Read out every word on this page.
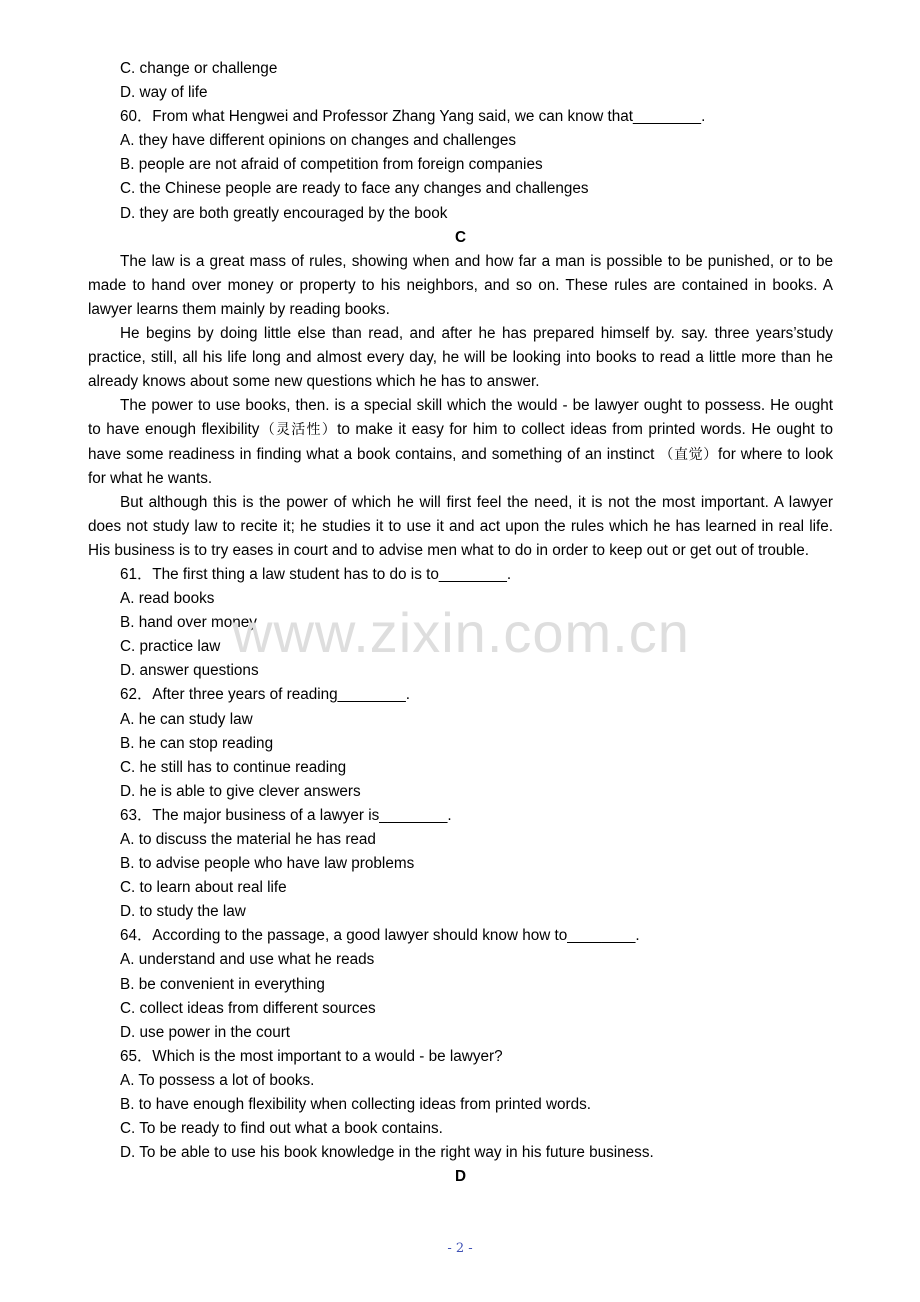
C. change or challenge
D. way of life
60．From what Hengwei and Professor Zhang Yang said, we can know that________.
A. they have different opinions on changes and challenges
B. people are not afraid of competition from foreign companies
C. the Chinese people are ready to face any changes and challenges
D. they are both greatly encouraged by the book
C
The law is a great mass of rules, showing when and how far a man is possible to be punished, or to be made to hand over money or property to his neighbors, and so on. These rules are contained in books. A lawyer learns them mainly by reading books.
He begins by doing little else than read, and after he has prepared himself by. say. three years’study practice, still, all his life long and almost every day, he will be looking into books to read a little more than he already knows about some new questions which he has to answer.
The power to use books, then. is a special skill which the would - be lawyer ought to possess. He ought to have enough flexibility（灵活性）to make it easy for him to collect ideas from printed words. He ought to have some readiness in finding what a book contains, and something of an instinct （直觉）for where to look for what he wants.
But although this is the power of which he will first feel the need, it is not the most important. A lawyer does not study law to recite it; he studies it to use it and act upon the rules which he has learned in real life. His business is to try eases in court and to advise men what to do in order to keep out or get out of trouble.
61．The first thing a law student has to do is to________.
A. read books
B. hand over money
C. practice law
D. answer questions
62．After three years of reading________.
A. he can study law
B. he can stop reading
C. he still has to continue reading
D. he is able to give clever answers
63．The major business of a lawyer is________.
A. to discuss the material he has read
B. to advise people who have law problems
C. to learn about real life
D. to study the law
64．According to the passage, a good lawyer should know how to________.
A. understand and use what he reads
B. be convenient in everything
C. collect ideas from different sources
D. use power in the court
65．Which is the most important to a would - be lawyer?
A. To possess a lot of books.
B. to have enough flexibility when collecting ideas from printed words.
C. To be ready to find out what a book contains.
D. To be able to use his book knowledge in the right way in his future business.
D
www.zixin.com.cn
- 2 -
